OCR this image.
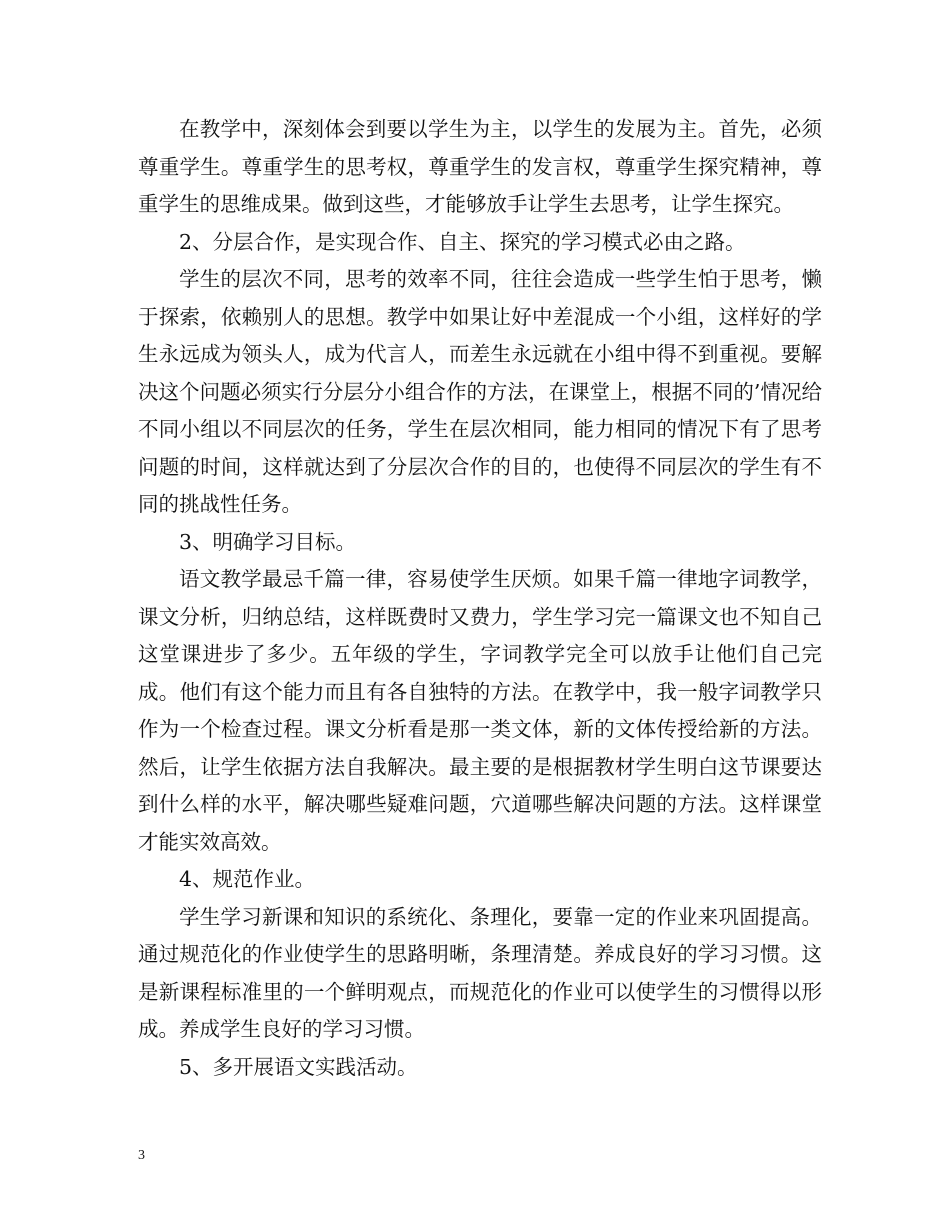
在教学中，深刻体会到要以学生为主，以学生的发展为主。首先，必须尊重学生。尊重学生的思考权，尊重学生的发言权，尊重学生探究精神，尊重学生的思维成果。做到这些，才能够放手让学生去思考，让学生探究。

2、分层合作，是实现合作、自主、探究的学习模式必由之路。

学生的层次不同，思考的效率不同，往往会造成一些学生怕于思考，懒于探索，依赖别人的思想。教学中如果让好中差混成一个小组，这样好的学生永远成为领头人，成为代言人，而差生永远就在小组中得不到重视。要解决这个问题必须实行分层分小组合作的方法，在课堂上，根据不同的’情况给不同小组以不同层次的任务，学生在层次相同，能力相同的情况下有了思考问题的时间，这样就达到了分层次合作的目的，也使得不同层次的学生有不同的挑战性任务。

3、明确学习目标。

语文教学最忌千篇一律，容易使学生厌烦。如果千篇一律地字词教学，课文分析，归纳总结，这样既费时又费力，学生学习完一篇课文也不知自己这堂课进步了多少。五年级的学生，字词教学完全可以放手让他们自己完成。他们有这个能力而且有各自独特的方法。在教学中，我一般字词教学只作为一个检查过程。课文分析看是那一类文体，新的文体传授给新的方法。然后，让学生依据方法自我解决。最主要的是根据教材学生明白这节课要达到什么样的水平，解决哪些疑难问题，穴道哪些解决问题的方法。这样课堂才能实效高效。

4、规范作业。

学生学习新课和知识的系统化、条理化，要靠一定的作业来巩固提高。通过规范化的作业使学生的思路明晰，条理清楚。养成良好的学习习惯。这是新课程标准里的一个鲜明观点，而规范化的作业可以使学生的习惯得以形成。养成学生良好的学习习惯。

5、多开展语文实践活动。

3
